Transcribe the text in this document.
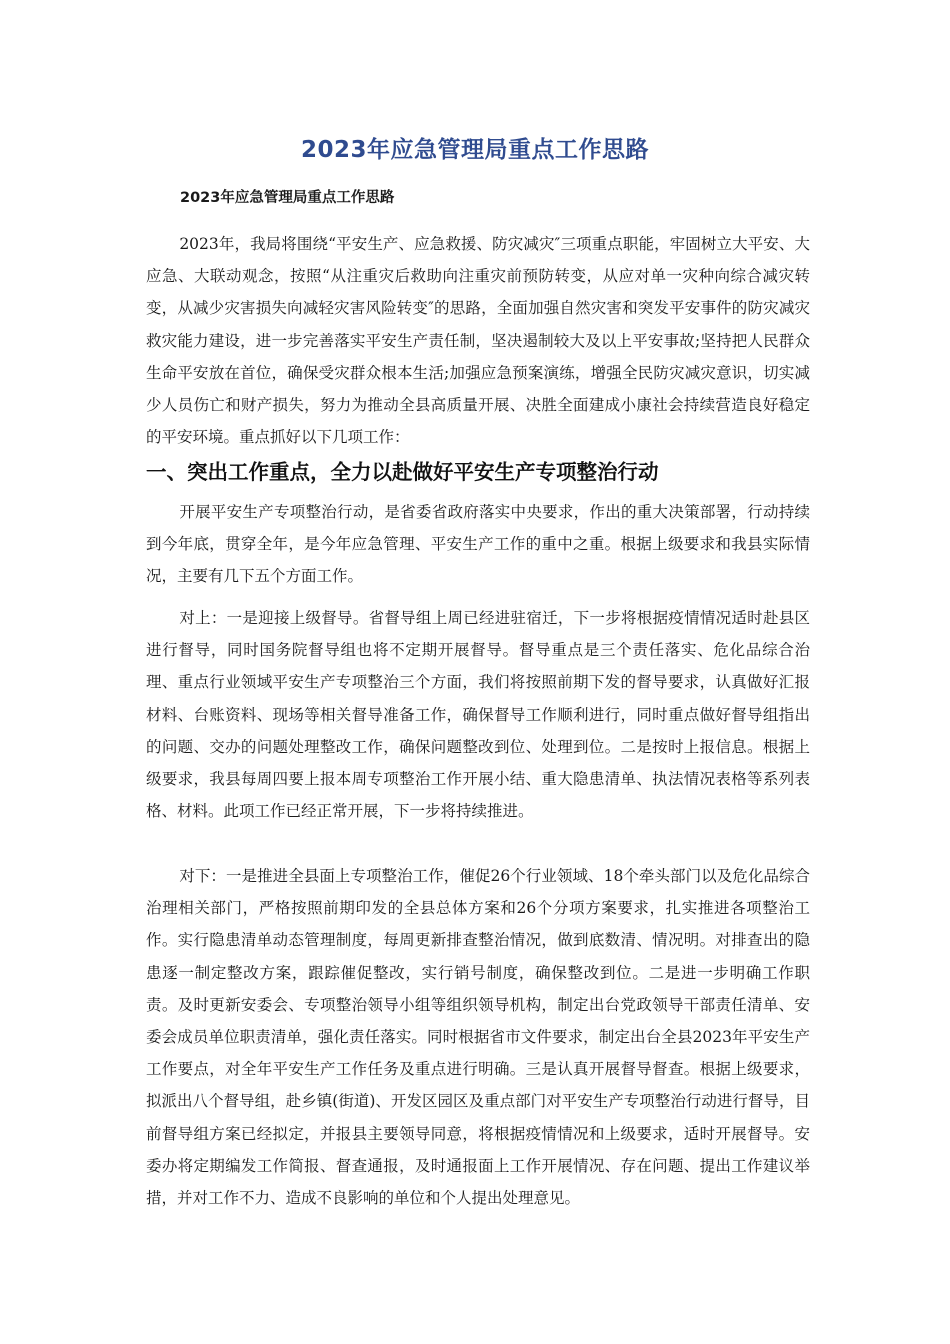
2023年应急管理局重点工作思路
2023年应急管理局重点工作思路

2023年，我局将围绕“平安生产、应急救援、防灾减灾″三项重点职能，牢固树立大平安、大应急、大联动观念，按照“从注重灾后救助向注重灾前预防转变，从应对单一灾种向综合减灾转变，从减少灾害损失向减轻灾害风险转变″的思路，全面加强自然灾害和突发平安事件的防灾减灾救灾能力建设，进一步完善落实平安生产责任制，坚决遏制较大及以上平安事故;坚持把人民群众生命平安放在首位，确保受灾群众根本生活;加强应急预案演练，增强全民防灾减灾意识，切实减少人员伤亡和财产损失，努力为推动全县高质量开展、决胜全面建成小康社会持续营造良好稳定的平安环境。重点抓好以下几项工作：

一、突出工作重点，全力以赴做好平安生产专项整治行动

开展平安生产专项整治行动，是省委省政府落实中央要求，作出的重大决策部署，行动持续到今年底，贯穿全年，是今年应急管理、平安生产工作的重中之重。根据上级要求和我县实际情况，主要有几下五个方面工作。

对上：一是迎接上级督导。省督导组上周已经进驻宿迁，下一步将根据疫情情况适时赴县区进行督导，同时国务院督导组也将不定期开展督导。督导重点是三个责任落实、危化品综合治理、重点行业领域平安生产专项整治三个方面，我们将按照前期下发的督导要求，认真做好汇报材料、台账资料、现场等相关督导准备工作，确保督导工作顺利进行，同时重点做好督导组指出的问题、交办的问题处理整改工作，确保问题整改到位、处理到位。二是按时上报信息。根据上级要求，我县每周四要上报本周专项整治工作开展小结、重大隐患清单、执法情况表格等系列表格、材料。此项工作已经正常开展，下一步将持续推进。

对下：一是推进全县面上专项整治工作，催促26个行业领域、18个牵头部门以及危化品综合治理相关部门，严格按照前期印发的全县总体方案和26个分项方案要求，扎实推进各项整治工作。实行隐患清单动态管理制度，每周更新排查整治情况，做到底数清、情况明。对排查出的隐患逐一制定整改方案，跟踪催促整改，实行销号制度，确保整改到位。二是进一步明确工作职责。及时更新安委会、专项整治领导小组等组织领导机构，制定出台党政领导干部责任清单、安委会成员单位职责清单，强化责任落实。同时根据省市文件要求，制定出台全县2023年平安生产工作要点，对全年平安生产工作任务及重点进行明确。三是认真开展督导督查。根据上级要求，拟派出八个督导组，赴乡镇(街道)、开发区园区及重点部门对平安生产专项整治行动进行督导，目前督导组方案已经拟定，并报县主要领导同意，将根据疫情情况和上级要求，适时开展督导。安委办将定期编发工作简报、督查通报，及时通报面上工作开展情况、存在问题、提出工作建议举措，并对工作不力、造成不良影响的单位和个人提出处理意见。
